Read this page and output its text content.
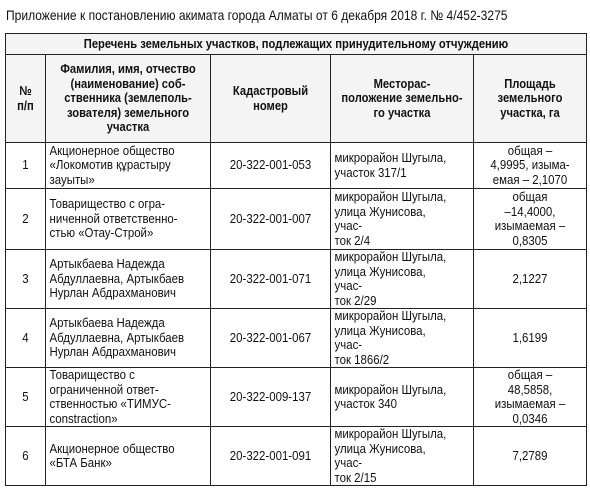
Приложение к постановлению акимата города Алматы от 6 декабря 2018 г. № 4/452-3275
Перечень земельных участков, подлежащих принудительному отчуждению				

№
п/п	Фамилия, имя, отчество
(наименование) соб-
ственника (землеполь-
зователя) земельного
участка	Кадастровый
номер	Месторас-
положение земельно-
го участка	Площадь
земельного
участка, га

1	Акционерное общество
«Локомотив құрастыру
зауыты»	20-322-001-053	микрорайон Шугыла,
участок 317/1	общая –
4,9995, изыма-
емая – 2,1070

2	Товарищество с огра-
ниченной ответственно-
стью «Отау-Строй»	20-322-001-007	микрорайон Шугыла,
улица Жунисова, учас-
ток 2/4	общая
–14,4000,
изымаемая –
0,8305

3	Артыкбаева Надежда
Абдуллаевна, Артыкбаев
Нурлан Абдрахманович	20-322-001-071	микрорайон Шугыла,
улица Жунисова, учас-
ток 2/29	2,1227

4	Артыкбаева Надежда
Абдуллаевна, Артыкбаев
Нурлан Абдрахманович	20-322-001-067	микрорайон Шугыла,
улица Жунисова, учас-
ток 1866/2	1,6199

5	Товарищество с
ограниченной ответ-
ственностью «ТИМУС-
constraction»	20-322-009-137	микрорайон Шугыла,
участок 340	общая –
48,5858,
изымаемая –
0,0346

6	Акционерное общество
«БТА Банк»	20-322-001-091	микрорайон Шугыла,
улица Жунисова, учас-
ток 2/15	7,2789
